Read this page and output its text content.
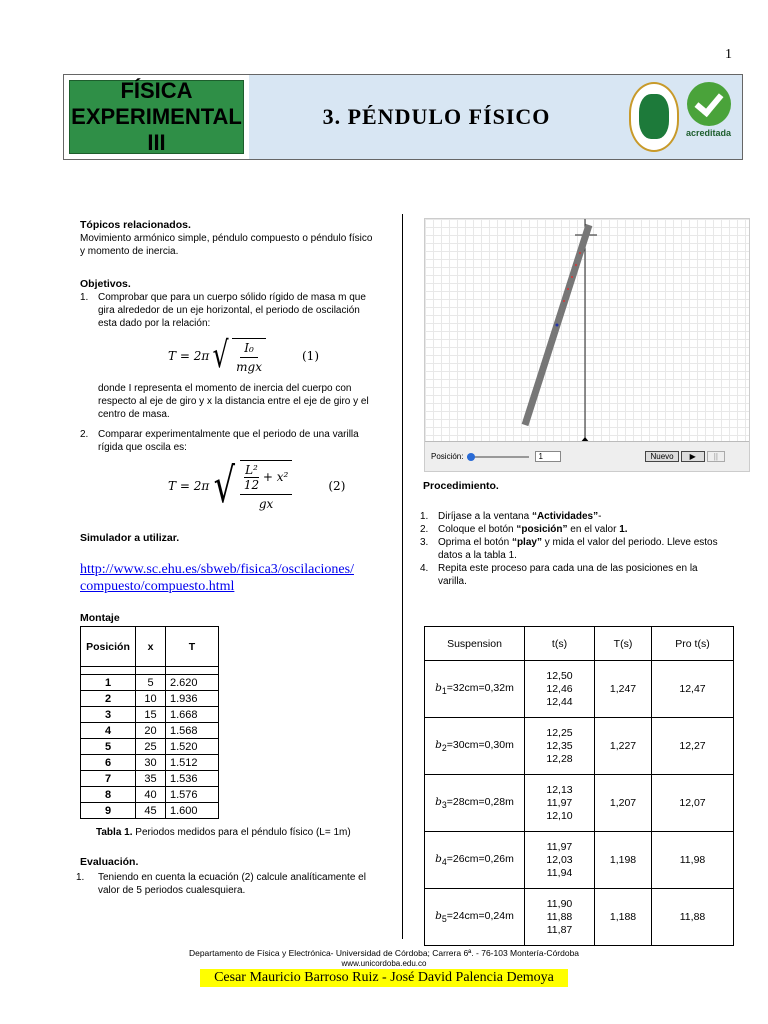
1
FÍSICA
EXPERIMENTAL III
3. PÉNDULO FÍSICO
acreditada
Tópicos relacionados.
Movimiento armónico simple, péndulo compuesto o péndulo físico y momento de inercia.
Objetivos.
1. Comprobar que para un cuerpo sólido rígido de masa m que gira alrededor de un eje horizontal, el periodo de oscilación esta dado por la relación:
T = 2π √ $\frac{\text{I₀}}{\text{mgx}}$	(1)
donde I representa el momento de inercia del cuerpo con respecto al eje de giro y x la distancia entre el eje de giro y el centro de masa.
2. Comparar experimentalmente que el periodo de una varilla rígida que oscila es:
T = 2π √ $\frac{\frac{\text{L²}}{12} + x^2}{gx}$	(2)
Simulador a utilizar.
http://www.sc.ehu.es/sbweb/fisica3/oscilaciones/
compuesto/compuesto.html
Montaje
Posición	x	T

1	5	2.620
2	10	1.936
3	15	1.668
4	20	1.568
5	25	1.520
6	30	1.512
7	35	1.536
8	40	1.576
9	45	1.600
Tabla 1. Periodos medidos para el péndulo físico (L= 1m)
Evaluación.
1.	Teniendo en cuenta la ecuación (2) calcule analíticamente el valor de 5 periodos cualesquiera.
Posición:	1	Nuevo	▶	||
Procedimiento.
1. Diríjase a la ventana “Actividades”-
2. Coloque el botón “posición” en el valor 1.
3. Oprima el botón “play” y mida el valor del periodo. Lleve estos datos a la tabla 1.
4. Repita este proceso para cada una de las posiciones en la varilla.
Suspension	t(s)	T(s)	Pro t(s)
$b_1=32cm=0,32m$	12,50
12,46
12,44	1,247	12,47
$b_2=30cm=0,30m$	12,25
12,35
12,28	1,227	12,27
$b_3=28cm=0,28m$	12,13
11,97
12,10	1,207	12,07
$b_4=26cm=0,26m$	11,97
12,03
11,94	1,198	11,98
$b_5=24cm=0,24m$	11,90
11,88
11,87	1,188	11,88
Departamento de Física y Electrónica- Universidad de Córdoba; Carrera 6ª. - 76-103 Montería-Córdoba
www.unicordoba.edu.co
Cesar Mauricio Barroso Ruiz - José David Palencia Demoya
